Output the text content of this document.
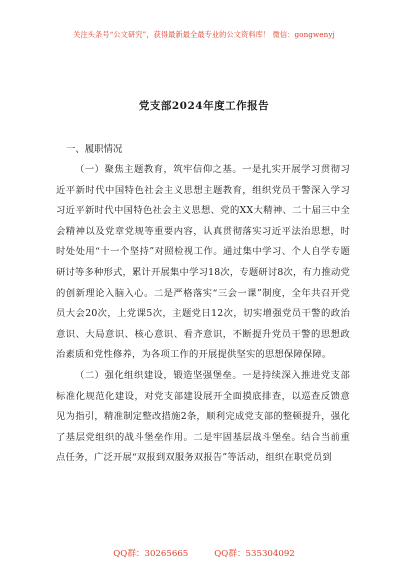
关注头条号“公文研究”，获得最新最全最专业的公文资料库！ 微信：gongwenyj
党支部2024年度工作报告

一、履职情况

（一）聚焦主题教育，筑牢信仰之基。一是扎实开展学习贯彻习近平新时代中国特色社会主义思想主题教育，组织党员干警深入学习习近平新时代中国特色社会主义思想、党的XX大精神、二十届三中全会精神以及党章党规等重要内容，认真贯彻落实习近平法治思想，时时处处用“十一个坚持”对照检视工作。通过集中学习、个人自学专题研讨等多种形式，累计开展集中学习18次，专题研讨8次，有力推动党的创新理论入脑入心。二是严格落实“三会一课”制度，全年共召开党员大会20次，上党课5次，主题党日12次，切实增强党员干警的政治意识、大局意识、核心意识、看齐意识，不断提升党员干警的思想政治素质和党性修养，为各项工作的开展提供坚实的思想保障保障。

（二）强化组织建设，锻造坚强堡垒。一是持续深入推进党支部标准化规范化建设，对党支部建设展开全面摸底排查，以巡查反馈意见为指引，精准制定整改措施2条，顺利完成党支部的整顿提升，强化了基层党组织的战斗堡垒作用。二是牢固基层战斗堡垒。结合当前重点任务，广泛开展“双报到双服务双报告”等活动，组织在职党员到

QQ群：30265665	QQ群：535304092
